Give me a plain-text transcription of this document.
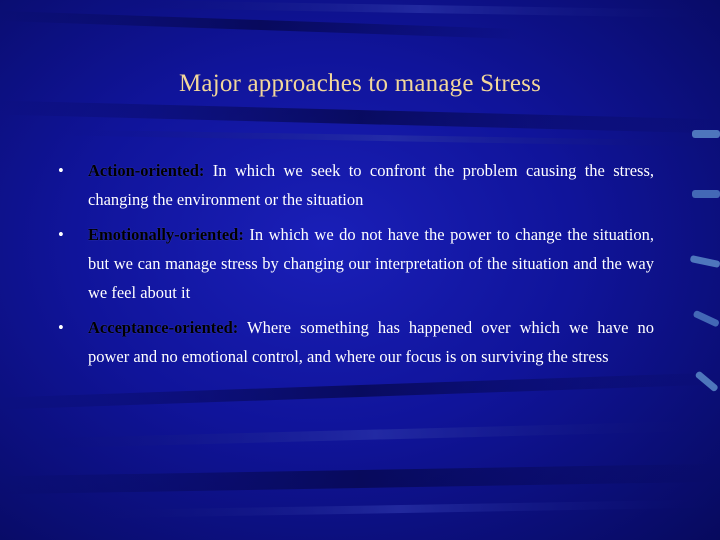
Major approaches to manage Stress
• Action-oriented: In which we seek to confront the problem causing the stress, changing the environment or the situation
• Emotionally-oriented: In which we do not have the power to change the situation, but we can manage stress by changing our interpretation of the situation and the way we feel about it
• Acceptance-oriented: Where something has happened over which we have no power and no emotional control, and where our focus is on surviving the stress
